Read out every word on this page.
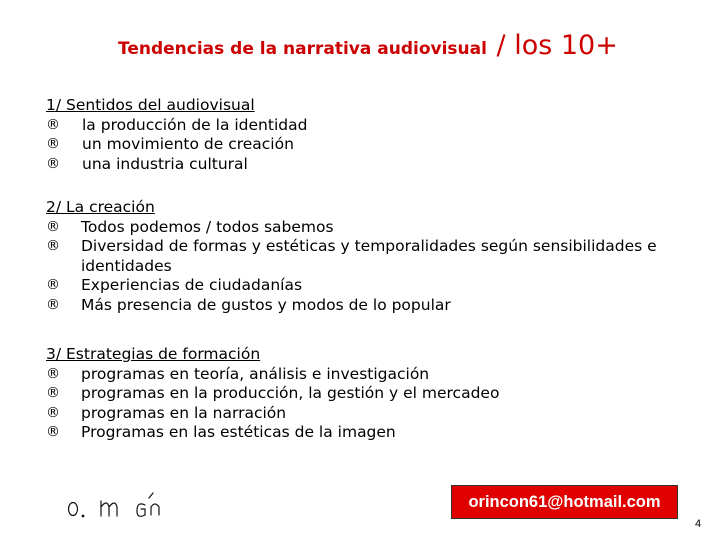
Tendencias de la narrativa audiovisual / los 10+
1/ Sentidos del audiovisual
®	la producción de la identidad
®	un movimiento de creación
®	una industria cultural
2/ La creación
®	Todos podemos / todos sabemos
®	Diversidad de formas y estéticas y temporalidades según sensibilidades e identidades
®	Experiencias de ciudadanías
®	Más presencia de gustos y modos de lo popular
3/ Estrategias de formación
®	programas en teoría, análisis e investigación
®	programas en la producción, la gestión y el mercadeo
®	programas en la narración
®	Programas en las estéticas de la imagen
orincon61@hotmail.com
4
